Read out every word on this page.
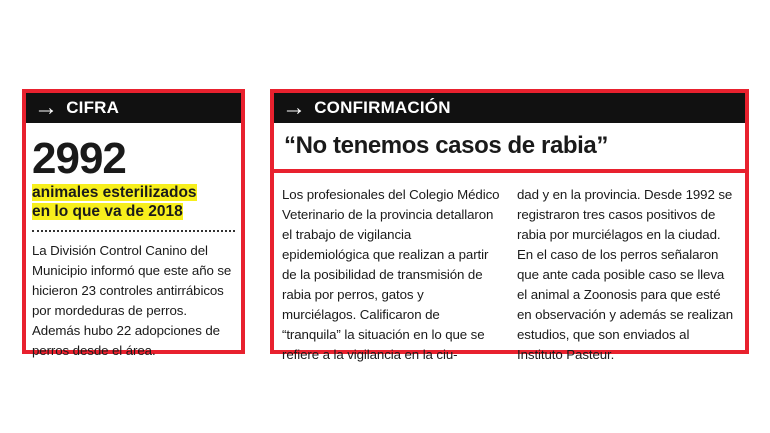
→ CIFRA
2992
animales esterilizados
en lo que va de 2018
La División Control Canino del Municipio informó que este año se hicieron 23 controles antirrábicos por mordeduras de perros. Además hubo 22 adopciones de perros desde el área.
→ CONFIRMACIÓN
“No tenemos casos de rabia”
Los profesionales del Colegio Médico Veterinario de la provincia detallaron el trabajo de vigilancia epidemiológica que realizan a partir de la posibilidad de transmisión de rabia por perros, gatos y murciélagos. Calificaron de “tranquila” la situación en lo que se refiere a la vigilancia en la ciu-
dad y en la provincia. Desde 1992 se registraron tres casos positivos de rabia por murciélagos en la ciudad. En el caso de los perros señalaron que ante cada posible caso se lleva el animal a Zoonosis para que esté en observación y además se realizan estudios, que son enviados al Instituto Pasteur.
